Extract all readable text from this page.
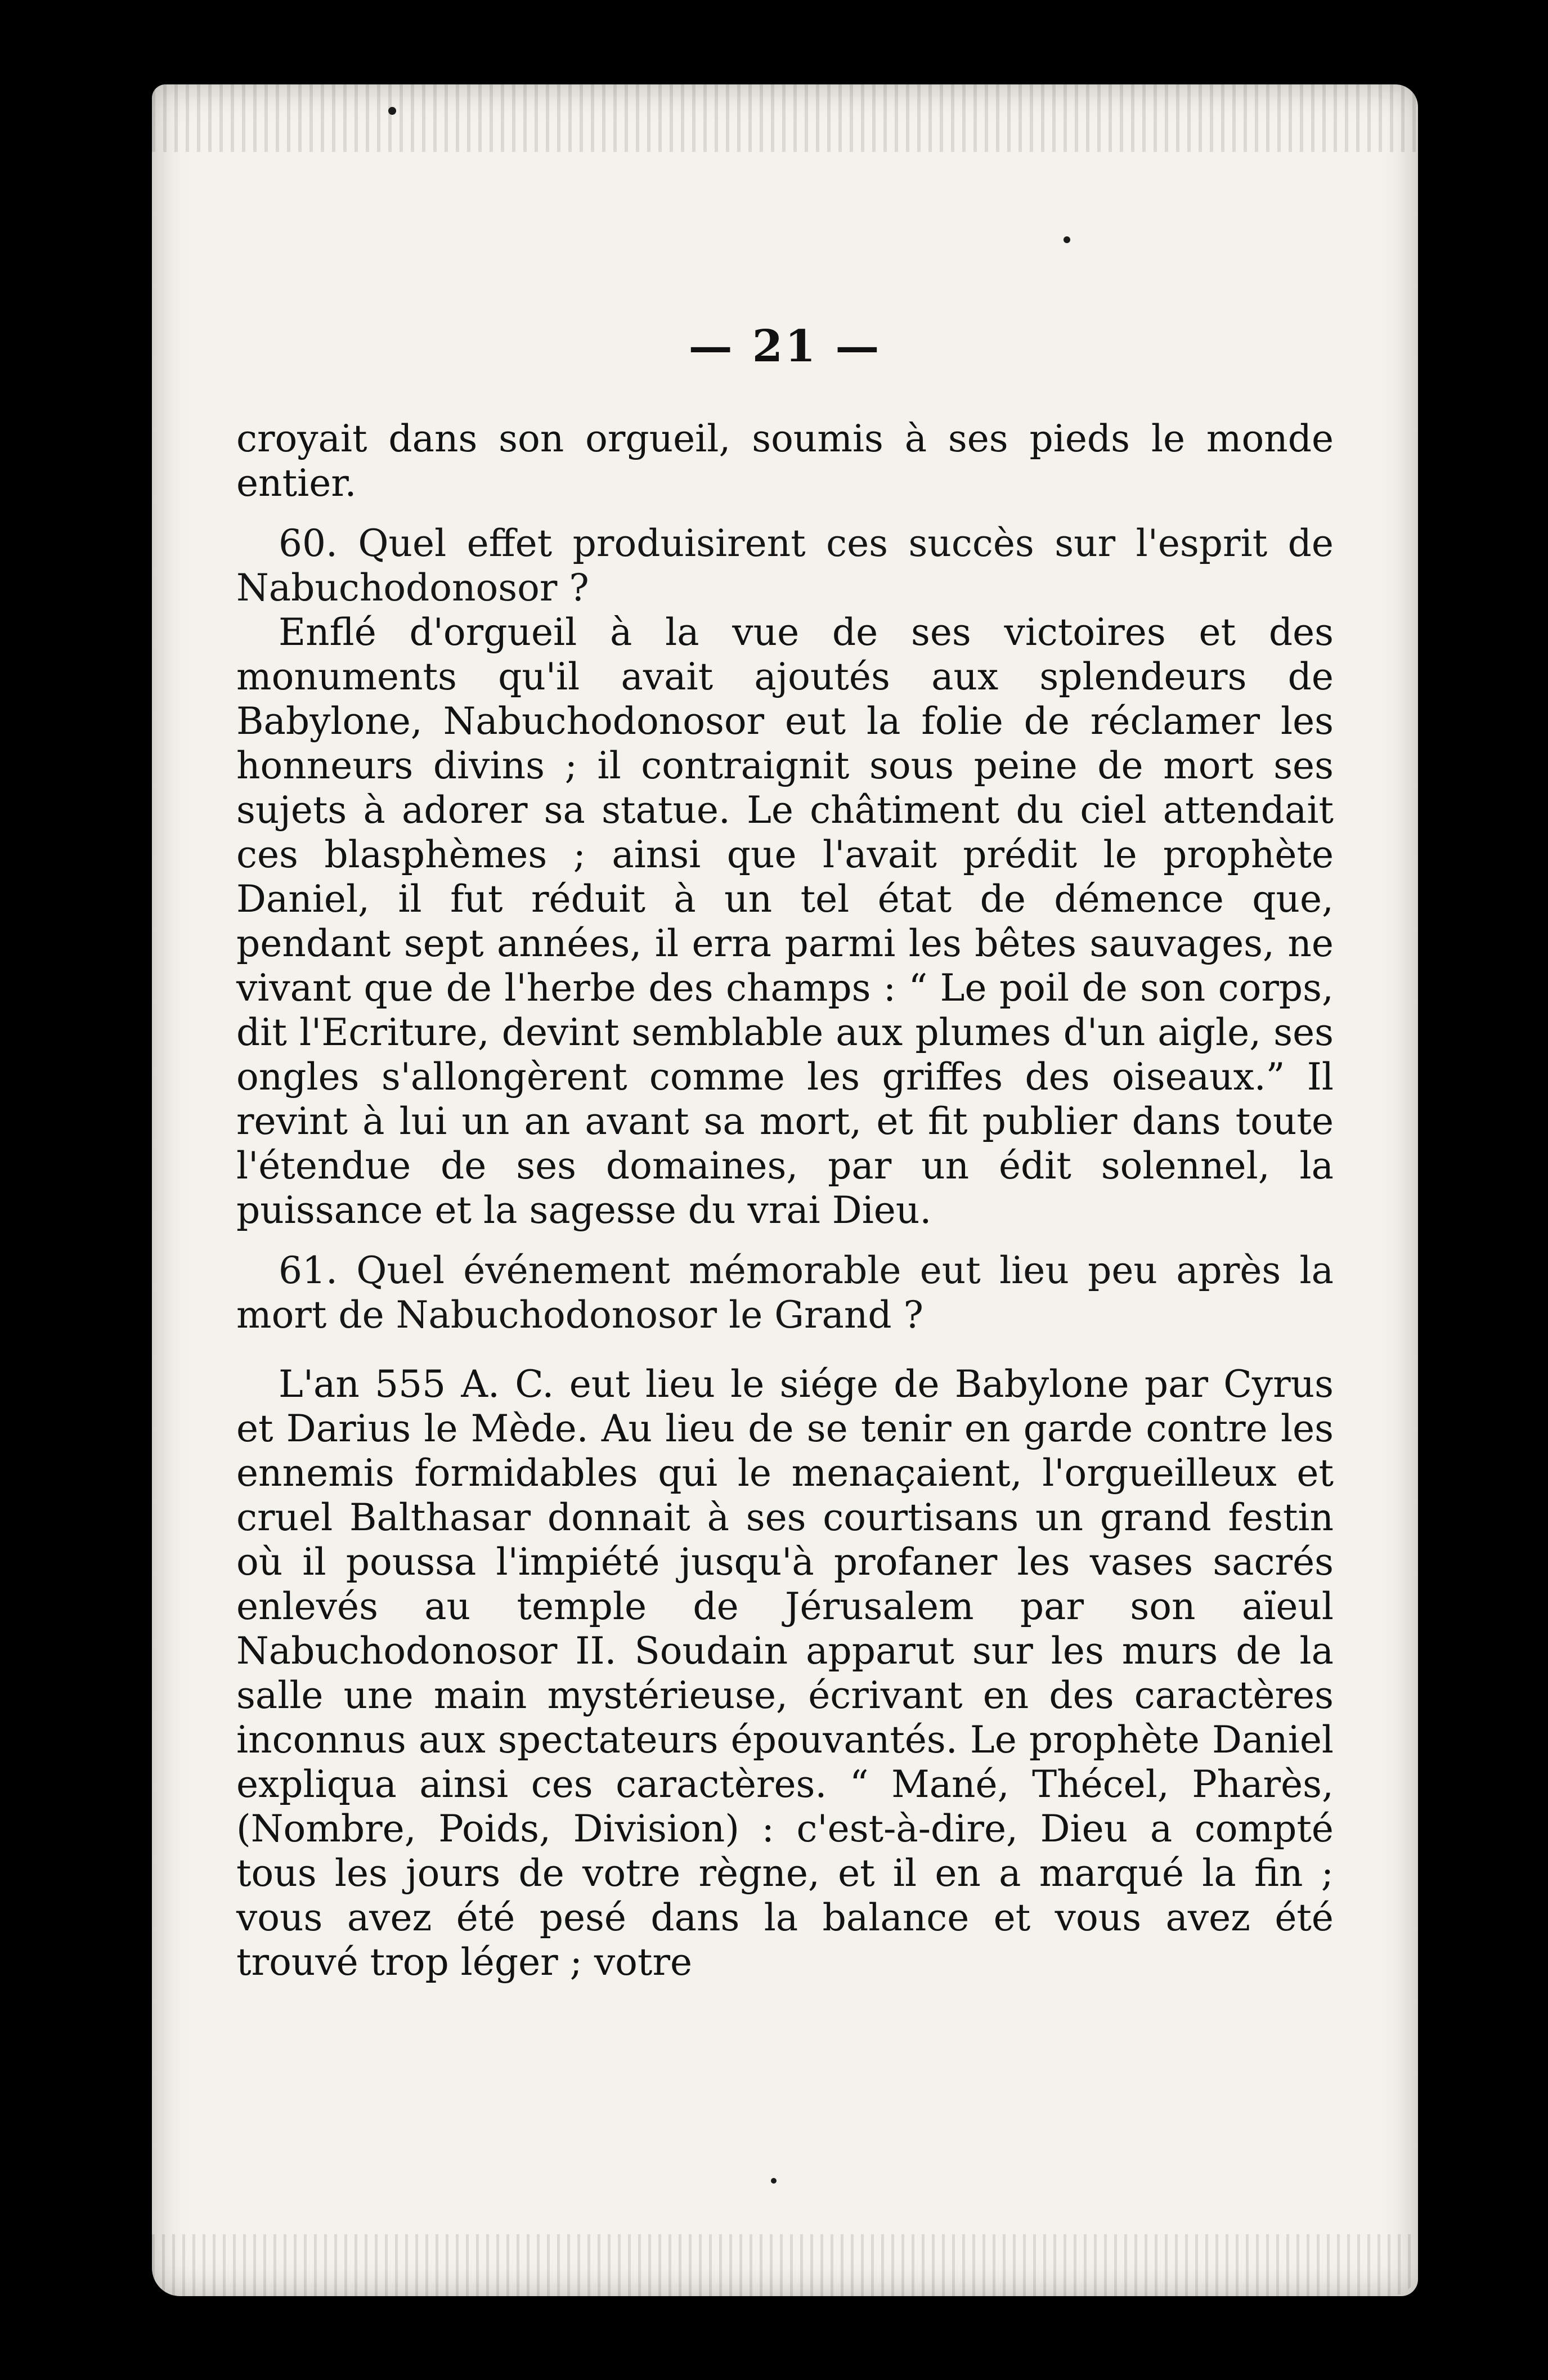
— 21 —

croyait dans son orgueil, soumis à ses pieds le monde entier.

60. Quel effet produisirent ces succès sur l'esprit de Nabuchodonosor ?

Enflé d'orgueil à la vue de ses victoires et des monuments qu'il avait ajoutés aux splendeurs de Babylone, Nabuchodonosor eut la folie de réclamer les honneurs divins ; il contraignit sous peine de mort ses sujets à adorer sa statue. Le châtiment du ciel attendait ces blasphèmes ; ainsi que l'avait prédit le prophète Daniel, il fut réduit à un tel état de démence que, pendant sept années, il erra parmi les bêtes sauvages, ne vivant que de l'herbe des champs : “ Le poil de son corps, dit l'Ecriture, devint semblable aux plumes d'un aigle, ses ongles s'allongèrent comme les griffes des oiseaux.” Il revint à lui un an avant sa mort, et fit publier dans toute l'étendue de ses domaines, par un édit solennel, la puissance et la sagesse du vrai Dieu.

61. Quel événement mémorable eut lieu peu après la mort de Nabuchodonosor le Grand ?

L'an 555 A. C. eut lieu le siége de Babylone par Cyrus et Darius le Mède. Au lieu de se tenir en garde contre les ennemis formidables qui le menaçaient, l'orgueilleux et cruel Balthasar donnait à ses courtisans un grand festin où il poussa l'impiété jusqu'à profaner les vases sacrés enlevés au temple de Jérusalem par son aïeul Nabuchodonosor II. Soudain apparut sur les murs de la salle une main mystérieuse, écrivant en des caractères inconnus aux spectateurs épouvantés. Le prophète Daniel expliqua ainsi ces caractères. “ Mané, Thécel, Pharès, (Nombre, Poids, Division) : c'est-à-dire, Dieu a compté tous les jours de votre règne, et il en a marqué la fin ; vous avez été pesé dans la balance et vous avez été trouvé trop léger ; votre
